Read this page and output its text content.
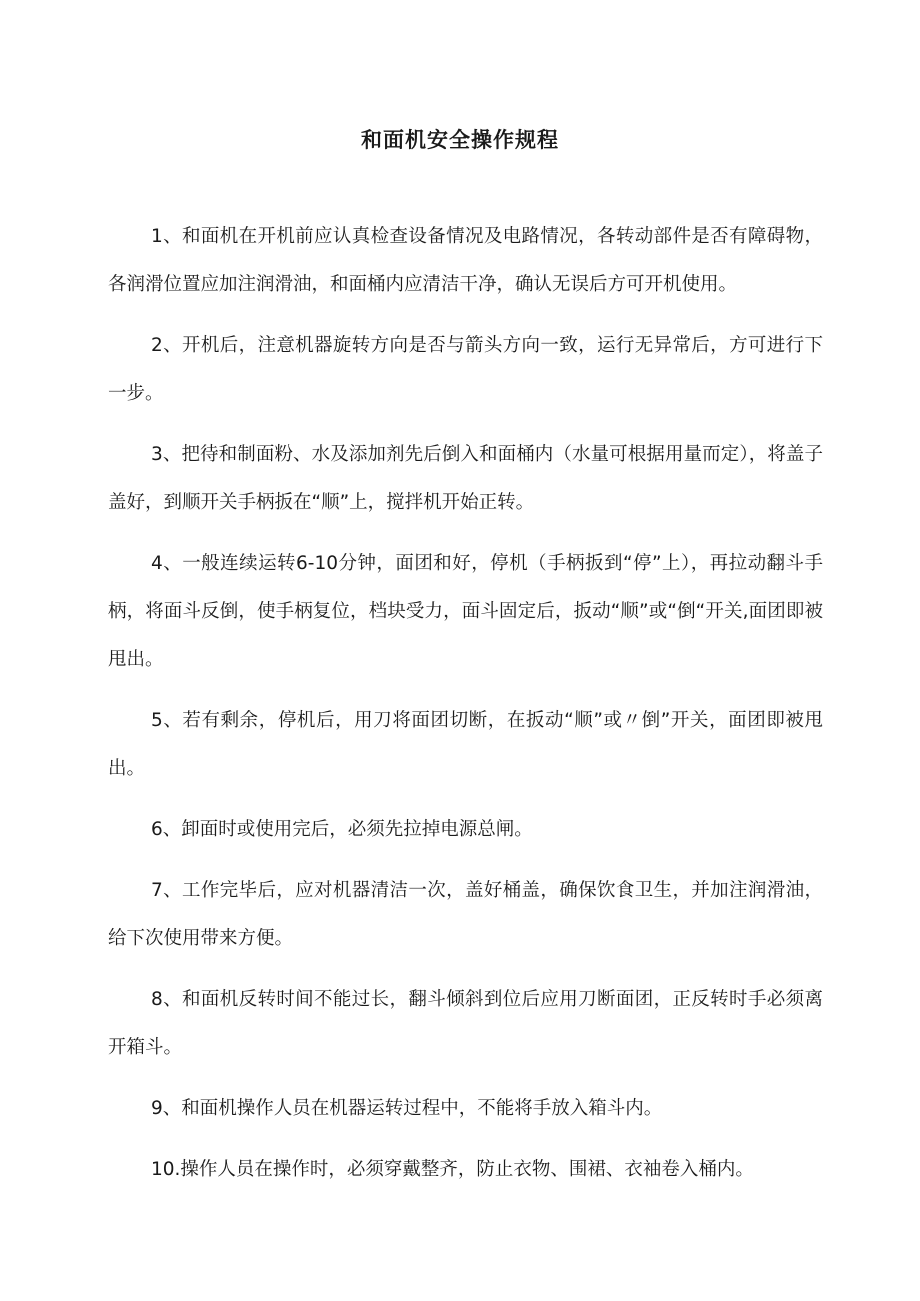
和面机安全操作规程

1、和面机在开机前应认真检查设备情况及电路情况，各转动部件是否有障碍物，各润滑位置应加注润滑油，和面桶内应清洁干净，确认无误后方可开机使用。

2、开机后，注意机器旋转方向是否与箭头方向一致，运行无异常后，方可进行下一步。

3、把待和制面粉、水及添加剂先后倒入和面桶内（水量可根据用量而定），将盖子盖好，到顺开关手柄扳在“顺”上，搅拌机开始正转。

4、一般连续运转6-10分钟，面团和好，停机（手柄扳到“停”上），再拉动翻斗手柄，将面斗反倒，使手柄复位，档块受力，面斗固定后，扳动“顺”或“倒“开关,面团即被甩出。

5、若有剩余，停机后，用刀将面团切断，在扳动“顺”或〃倒”开关，面团即被甩出。

6、卸面时或使用完后，必须先拉掉电源总闸。

7、工作完毕后，应对机器清洁一次，盖好桶盖，确保饮食卫生，并加注润滑油，给下次使用带来方便。

8、和面机反转时间不能过长，翻斗倾斜到位后应用刀断面团，正反转时手必须离开箱斗。

9、和面机操作人员在机器运转过程中，不能将手放入箱斗内。

10.操作人员在操作时，必须穿戴整齐，防止衣物、围裙、衣袖卷入桶内。
